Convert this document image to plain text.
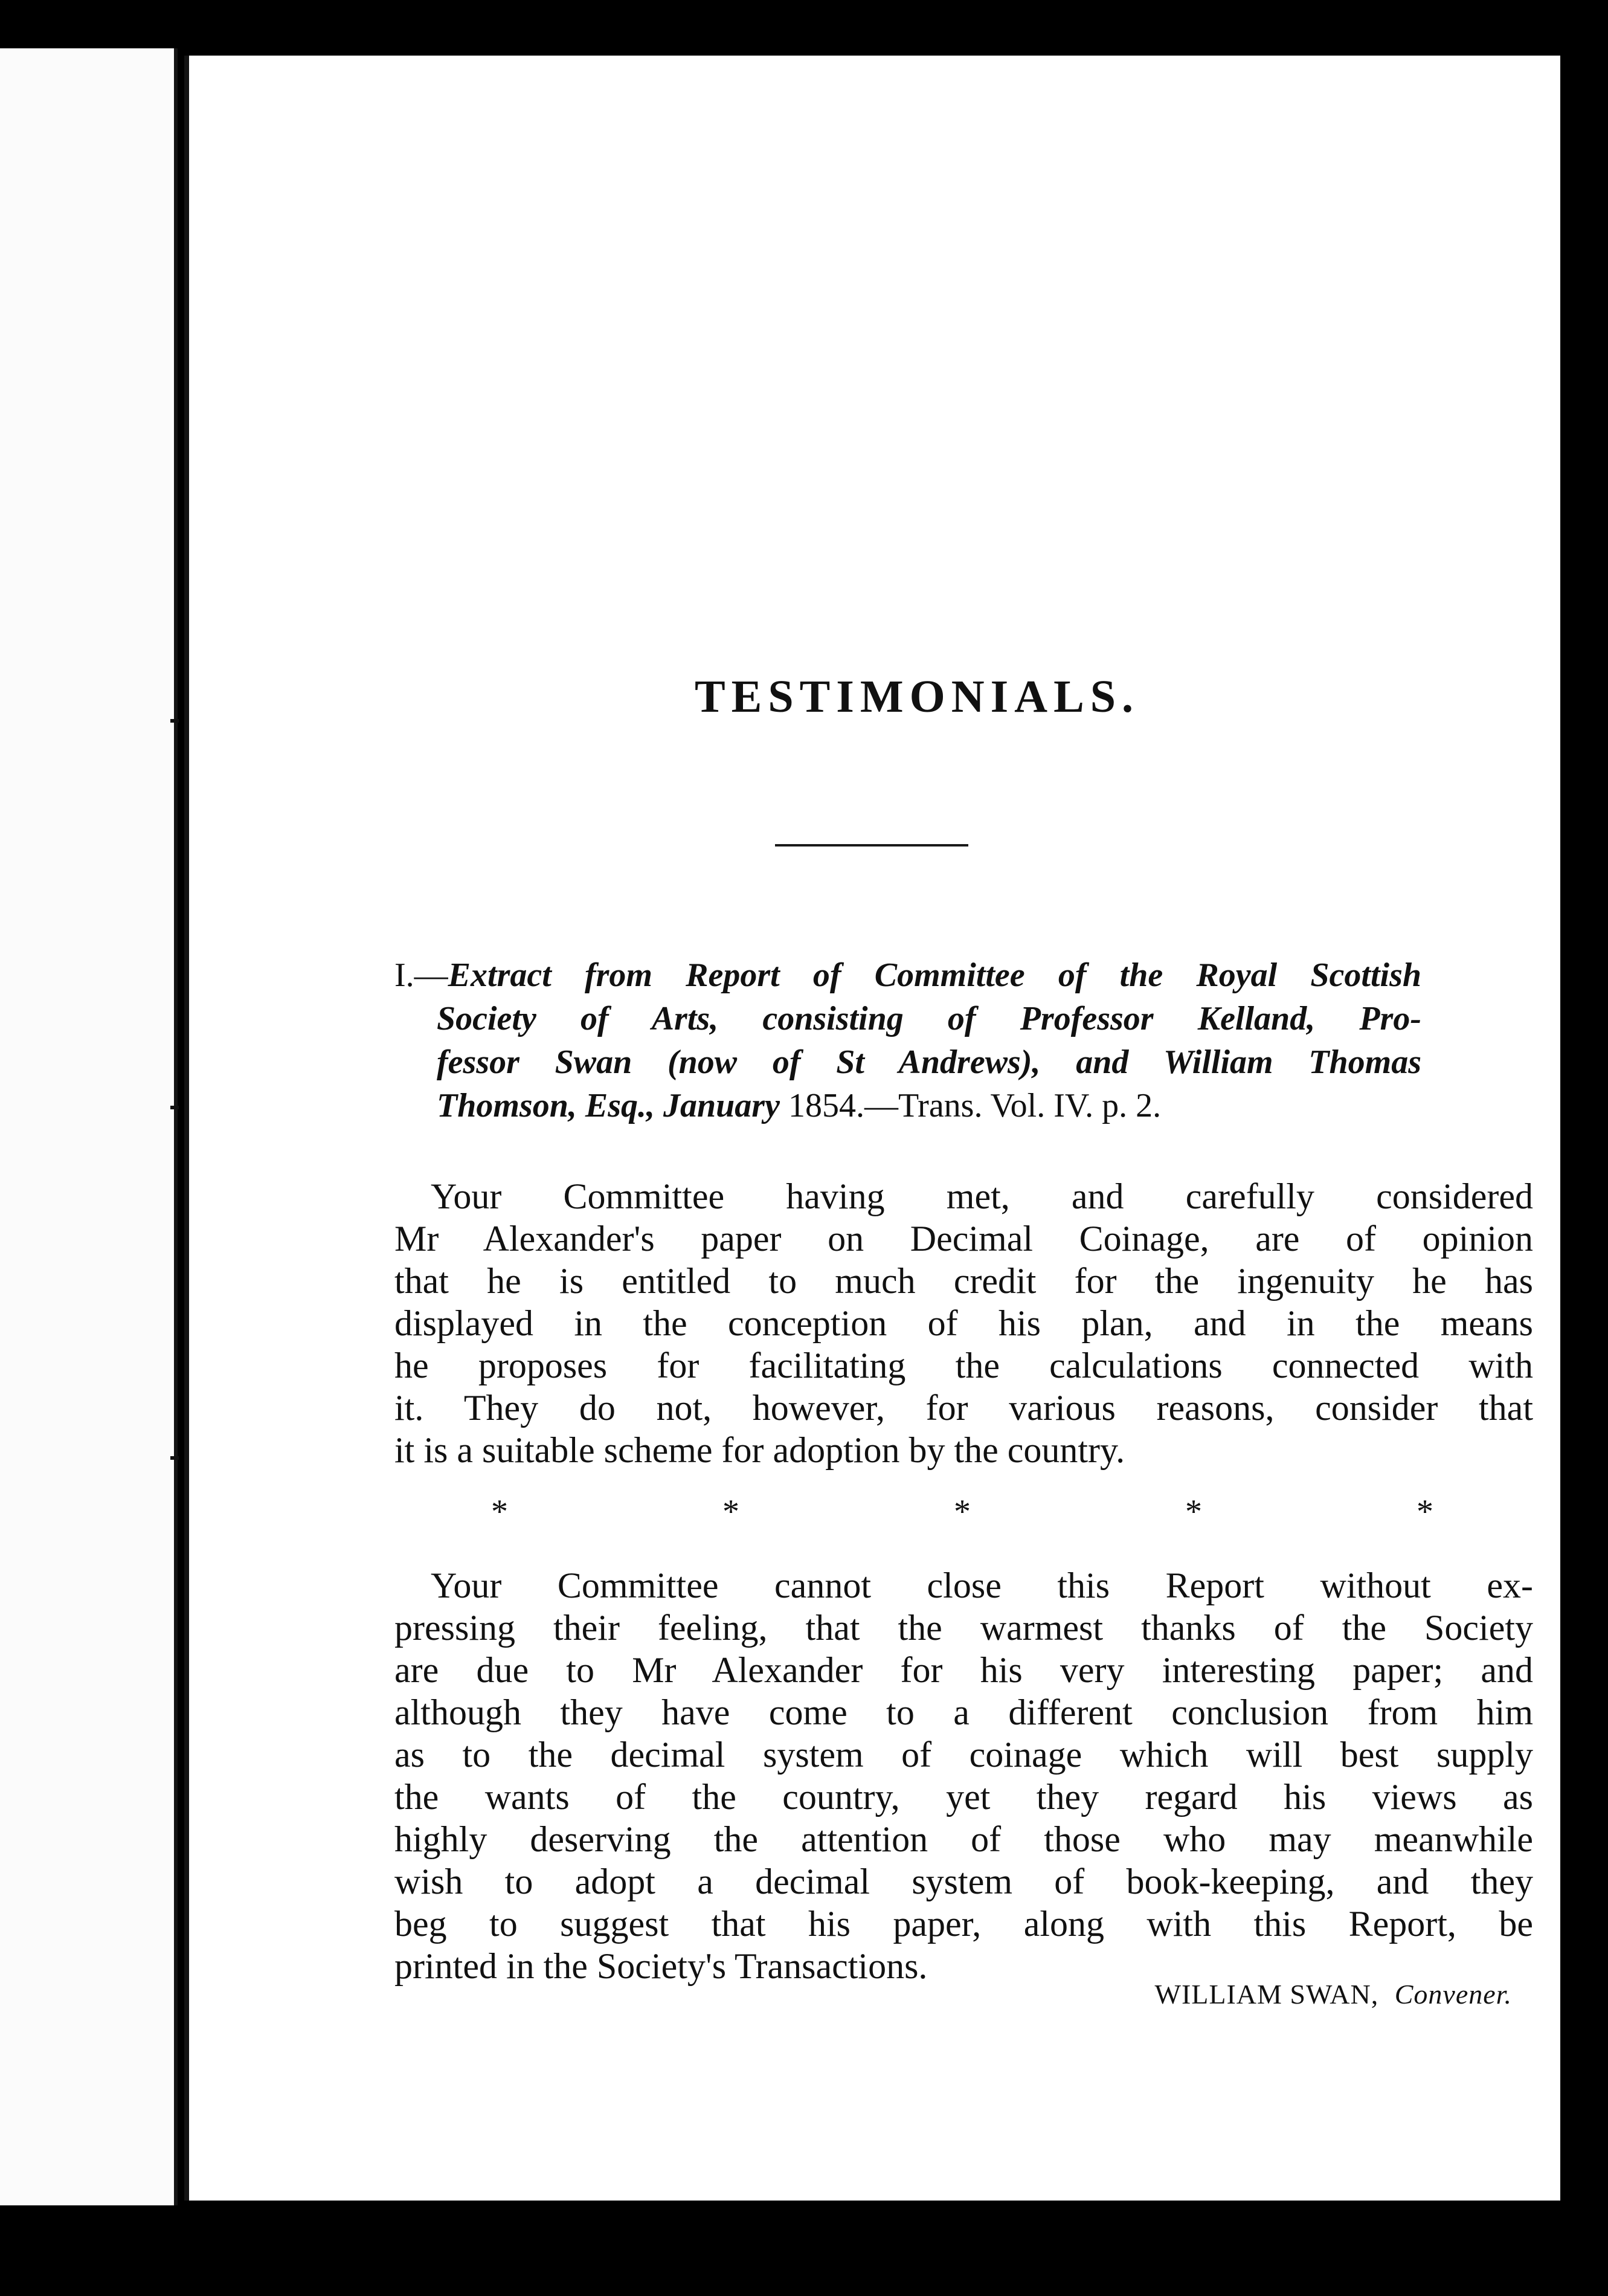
TESTIMONIALS.
I.—Extract from Report of Committee of the Royal Scottish
Society of Arts, consisting of Professor Kelland, Pro-
fessor Swan (now of St Andrews), and William Thomas
Thomson, Esq., January 1854.—Trans. Vol. IV. p. 2.
Your Committee having met, and carefully considered
Mr Alexander's paper on Decimal Coinage, are of opinion
that he is entitled to much credit for the ingenuity he has
displayed in the conception of his plan, and in the means
he proposes for facilitating the calculations connected with
it. They do not, however, for various reasons, consider that
it is a suitable scheme for adoption by the country.
*	*	*	*	*
Your Committee cannot close this Report without ex-
pressing their feeling, that the warmest thanks of the Society
are due to Mr Alexander for his very interesting paper; and
although they have come to a different conclusion from him
as to the decimal system of coinage which will best supply
the wants of the country, yet they regard his views as
highly deserving the attention of those who may meanwhile
wish to adopt a decimal system of book-keeping, and they
beg to suggest that his paper, along with this Report, be
printed in the Society's Transactions.
WILLIAM SWAN, Convener.
